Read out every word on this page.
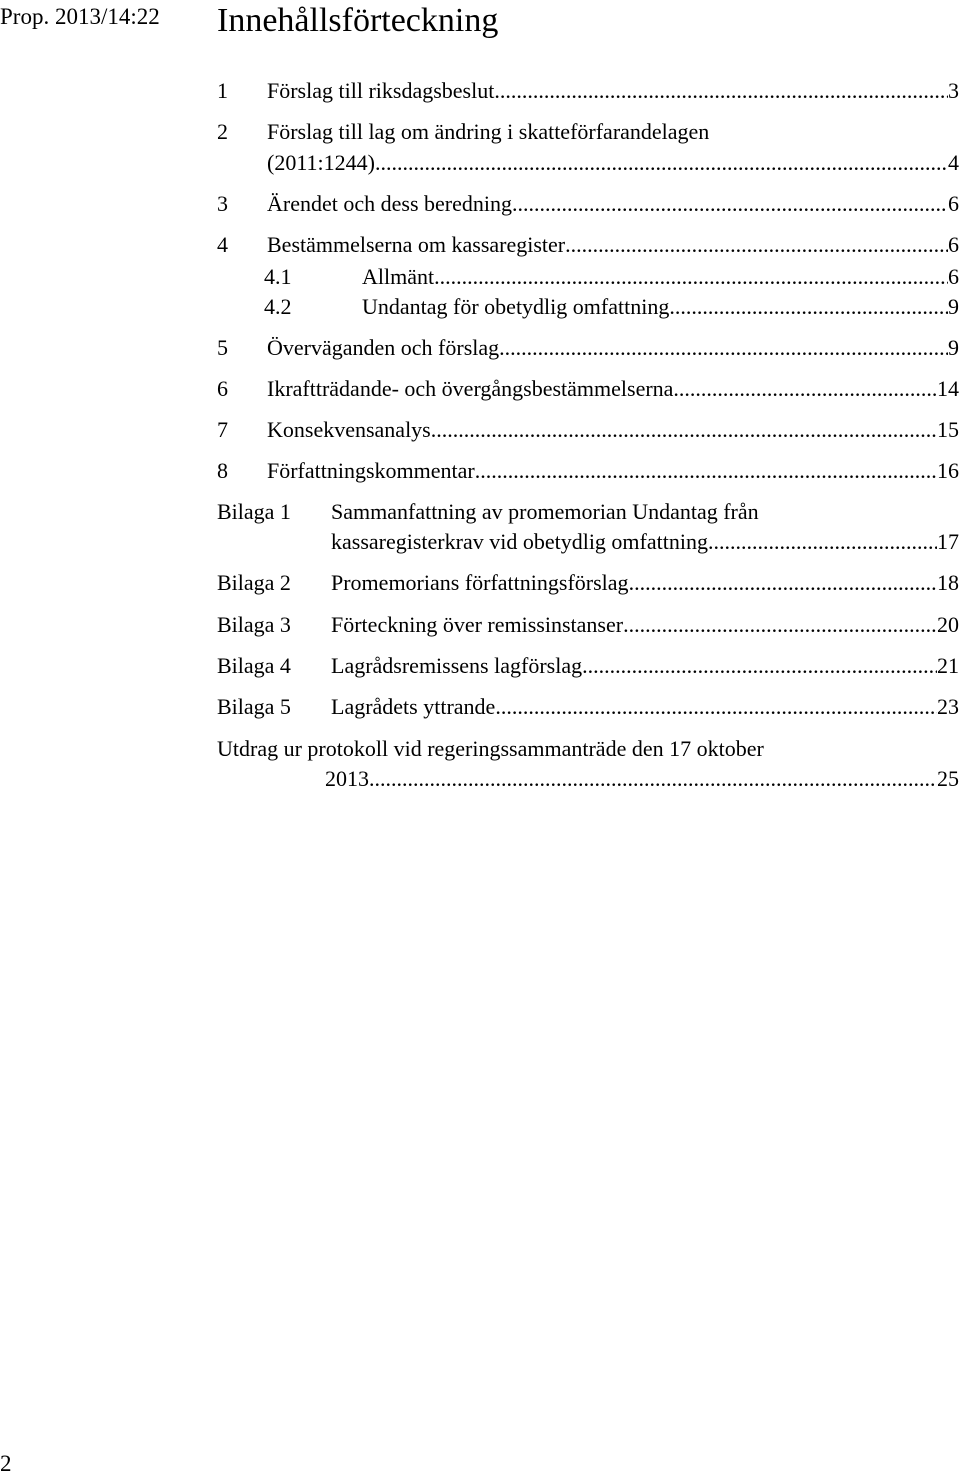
Prop. 2013/14:22 Innehållsförteckning
1 Förslag till riksdagsbeslut .....	3
2 Förslag till lag om ändring i skatteförfarandelagen
(2011:1244) .....	4
3 Ärendet och dess beredning .....	6
4 Bestämmelserna om kassaregister .....	6
4.1	Allmänt .....	6
4.2	Undantag för obetydlig omfattning .....	9
5 Överväganden och förslag .....	9
6 Ikraftträdande- och övergångsbestämmelserna .....	14
7 Konsekvensanalys .....	15
8 Författningskommentar .....	16
Bilaga 1 Sammanfattning av promemorian Undantag från
kassaregisterkrav vid obetydlig omfattning .....	17
Bilaga 2 Promemorians författningsförslag .....	18
Bilaga 3 Förteckning över remissinstanser .....	20
Bilaga 4 Lagrådsremissens lagförslag .....	21
Bilaga 5 Lagrådets yttrande .....	23
Utdrag ur protokoll vid regeringssammanträde den 17 oktober
2013 .....	25
2
